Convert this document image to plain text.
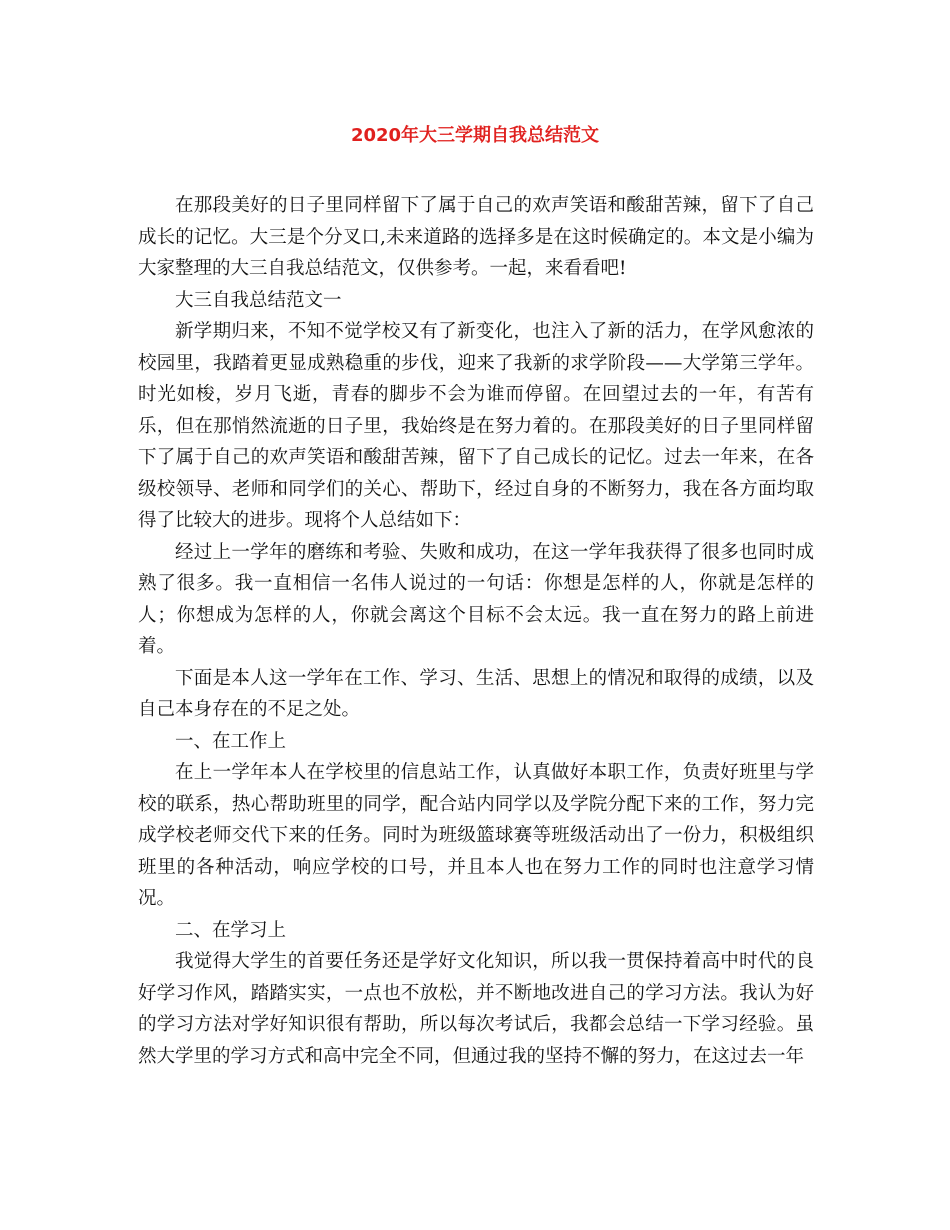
2020年大三学期自我总结范文

在那段美好的日子里同样留下了属于自己的欢声笑语和酸甜苦辣，留下了自己成长的记忆。大三是个分叉口,未来道路的选择多是在这时候确定的。本文是小编为大家整理的大三自我总结范文，仅供参考。一起，来看看吧!

大三自我总结范文一

新学期归来，不知不觉学校又有了新变化，也注入了新的活力，在学风愈浓的校园里，我踏着更显成熟稳重的步伐，迎来了我新的求学阶段——大学第三学年。时光如梭，岁月飞逝，青春的脚步不会为谁而停留。在回望过去的一年，有苦有乐，但在那悄然流逝的日子里，我始终是在努力着的。在那段美好的日子里同样留下了属于自己的欢声笑语和酸甜苦辣，留下了自己成长的记忆。过去一年来，在各级校领导、老师和同学们的关心、帮助下，经过自身的不断努力，我在各方面均取得了比较大的进步。现将个人总结如下：

经过上一学年的磨练和考验、失败和成功，在这一学年我获得了很多也同时成熟了很多。我一直相信一名伟人说过的一句话：你想是怎样的人，你就是怎样的人；你想成为怎样的人，你就会离这个目标不会太远。我一直在努力的路上前进着。

下面是本人这一学年在工作、学习、生活、思想上的情况和取得的成绩，以及自己本身存在的不足之处。

一、在工作上

在上一学年本人在学校里的信息站工作，认真做好本职工作，负责好班里与学校的联系，热心帮助班里的同学，配合站内同学以及学院分配下来的工作，努力完成学校老师交代下来的任务。同时为班级篮球赛等班级活动出了一份力，积极组织班里的各种活动，响应学校的口号，并且本人也在努力工作的同时也注意学习情况。

二、在学习上

我觉得大学生的首要任务还是学好文化知识，所以我一贯保持着高中时代的良好学习作风，踏踏实实，一点也不放松，并不断地改进自己的学习方法。我认为好的学习方法对学好知识很有帮助，所以每次考试后，我都会总结一下学习经验。虽然大学里的学习方式和高中完全不同，但通过我的坚持不懈的努力，在这过去一年
